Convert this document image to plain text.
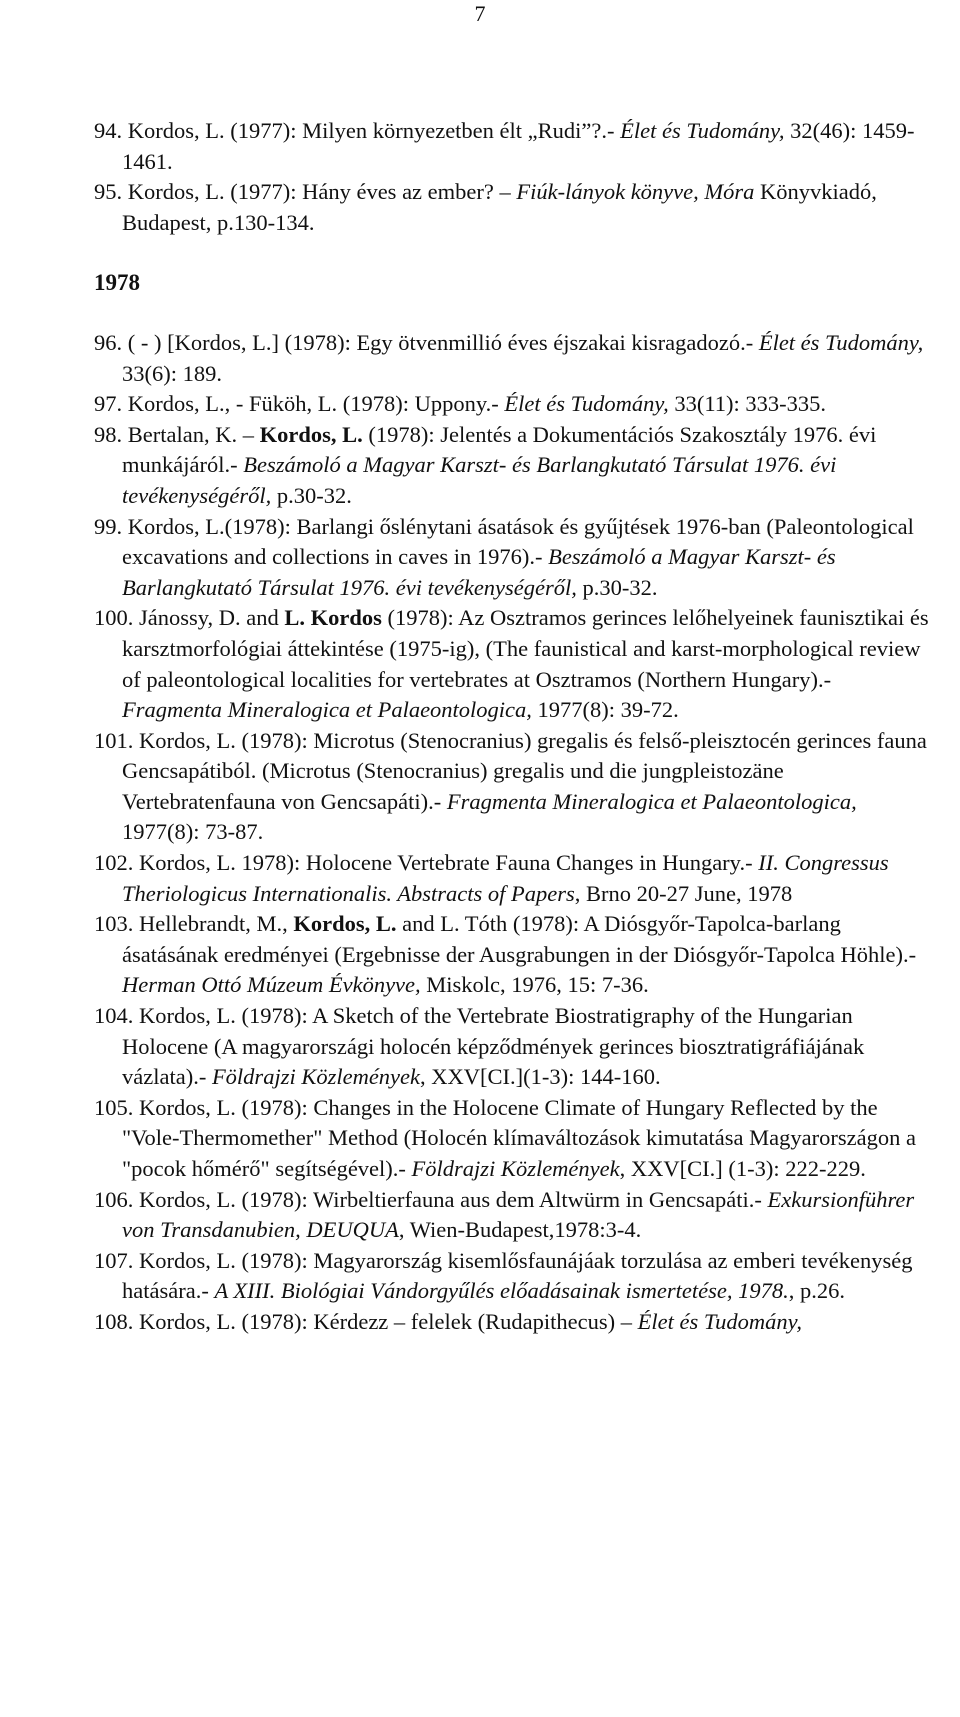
7

94. Kordos, L. (1977): Milyen környezetben élt „Rudi”?.- Élet és Tudomány, 32(46): 1459-1461.

95. Kordos, L. (1977): Hány éves az ember? – Fiúk-lányok könyve, Móra Könyvkiadó, Budapest, p.130-134.

1978

96. ( - ) [Kordos, L.] (1978): Egy ötvenmillió éves éjszakai kisragadozó.- Élet és Tudomány, 33(6): 189.

97. Kordos, L., - Füköh, L. (1978): Uppony.- Élet és Tudomány, 33(11): 333-335.

98. Bertalan, K. – Kordos, L. (1978): Jelentés a Dokumentációs Szakosztály 1976. évi munkájáról.- Beszámoló a Magyar Karszt- és Barlangkutató Társulat 1976. évi tevékenységéről, p.30-32.

99. Kordos, L.(1978): Barlangi őslénytani ásatások és gyűjtések 1976-ban (Paleontological excavations and collections in caves in 1976).- Beszámoló a Magyar Karszt- és Barlangkutató Társulat 1976. évi tevékenységéről, p.30-32.

100. Jánossy, D. and L. Kordos (1978): Az Osztramos gerinces lelőhelyeinek faunisztikai és karsztmorfológiai áttekintése (1975-ig), (The faunistical and karst-morphological review of paleontological localities for vertebrates at Osztramos (Northern Hungary).- Fragmenta Mineralogica et Palaeontologica, 1977(8): 39-72.

101. Kordos, L. (1978): Microtus (Stenocranius) gregalis és felső-pleisztocén gerinces fauna Gencsapátiból. (Microtus (Stenocranius) gregalis und die jungpleistozäne Vertebratenfauna von Gencsapáti).- Fragmenta Mineralogica et Palaeontologica, 1977(8): 73-87.

102. Kordos, L. 1978): Holocene Vertebrate Fauna Changes in Hungary.- II. Congressus Theriologicus Internationalis. Abstracts of Papers, Brno 20-27 June, 1978

103. Hellebrandt, M., Kordos, L. and L. Tóth (1978): A Diósgyőr-Tapolca-barlang ásatásának eredményei (Ergebnisse der Ausgrabungen in der Diósgyőr-Tapolca Höhle).- Herman Ottó Múzeum Évkönyve, Miskolc, 1976, 15: 7-36.

104. Kordos, L. (1978): A Sketch of the Vertebrate Biostratigraphy of the Hungarian Holocene (A magyarországi holocén képződmények gerinces biosztratigráfiájának vázlata).- Földrajzi Közlemények, XXV[CI.](1-3): 144-160.

105. Kordos, L. (1978): Changes in the Holocene Climate of Hungary Reflected by the "Vole-Thermomether" Method (Holocén klímaváltozások kimutatása Magyarországon a "pocok hőmérő" segítségével).- Földrajzi Közlemények, XXV[CI.] (1-3): 222-229.

106. Kordos, L. (1978): Wirbeltierfauna aus dem Altwürm in Gencsapáti.- Exkursionführer von Transdanubien, DEUQUA, Wien-Budapest,1978:3-4.

107. Kordos, L. (1978): Magyarország kisemlősfaunájáak torzulása az emberi tevékenység hatására.- A XIII. Biológiai Vándorgyűlés előadásainak ismertetése, 1978., p.26.

108. Kordos, L. (1978): Kérdezz – felelek (Rudapithecus) – Élet és Tudomány,
